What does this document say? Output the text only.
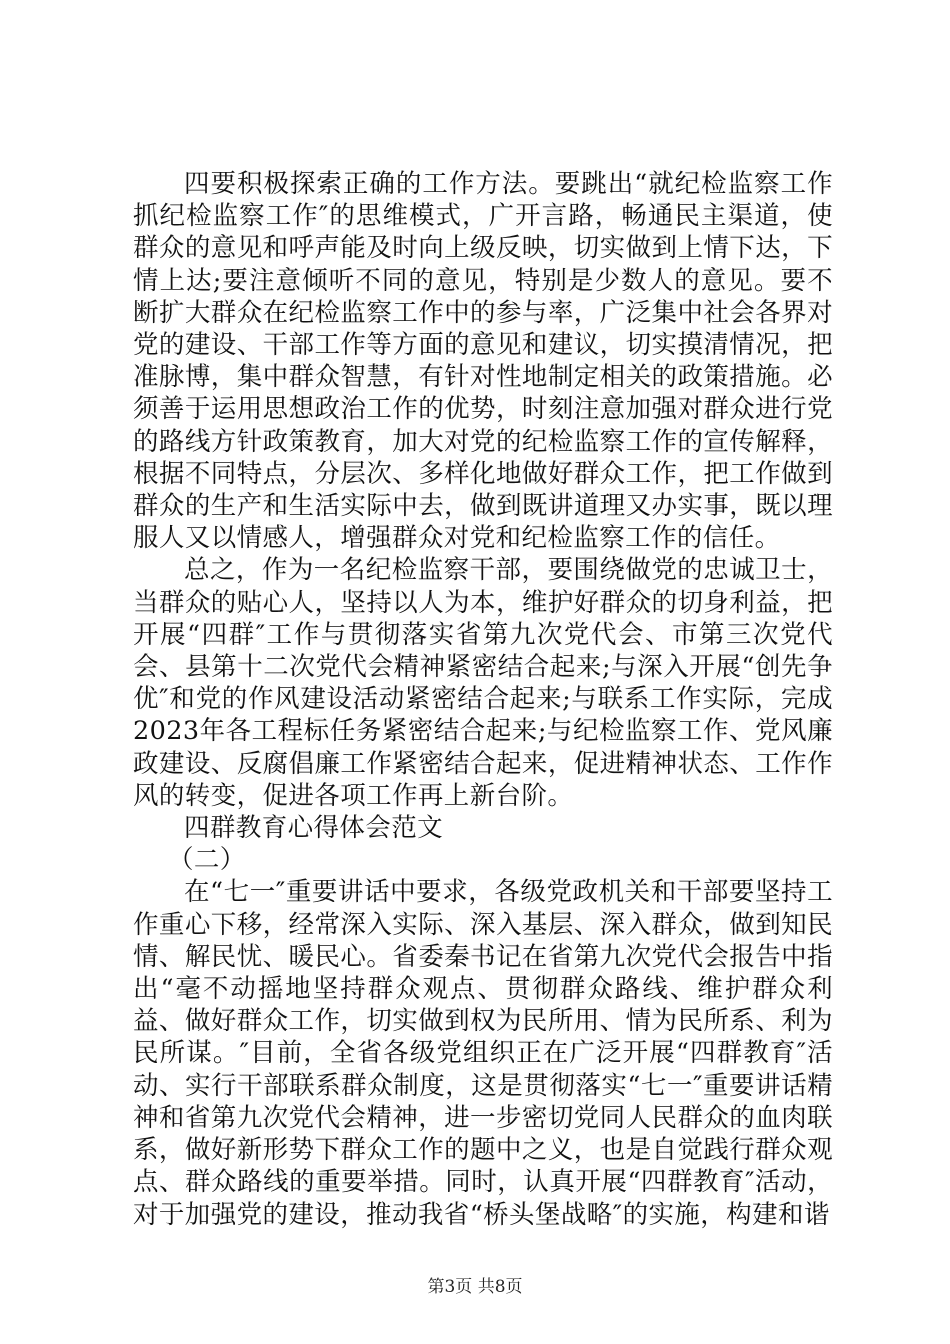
四要积极探索正确的工作方法。要跳出“就纪检监察工作抓纪检监察工作″的思维模式，广开言路，畅通民主渠道，使群众的意见和呼声能及时向上级反映，切实做到上情下达，下情上达;要注意倾听不同的意见，特别是少数人的意见。要不断扩大群众在纪检监察工作中的参与率，广泛集中社会各界对党的建设、干部工作等方面的意见和建议，切实摸清情况，把准脉博，集中群众智慧，有针对性地制定相关的政策措施。必须善于运用思想政治工作的优势，时刻注意加强对群众进行党的路线方针政策教育，加大对党的纪检监察工作的宣传解释，根据不同特点，分层次、多样化地做好群众工作，把工作做到群众的生产和生活实际中去，做到既讲道理又办实事，既以理服人又以情感人，增强群众对党和纪检监察工作的信任。

总之，作为一名纪检监察干部，要围绕做党的忠诚卫士，当群众的贴心人，坚持以人为本，维护好群众的切身利益，把开展“四群″工作与贯彻落实省第九次党代会、市第三次党代会、县第十二次党代会精神紧密结合起来;与深入开展“创先争优″和党的作风建设活动紧密结合起来;与联系工作实际，完成2023年各工程标任务紧密结合起来;与纪检监察工作、党风廉政建设、反腐倡廉工作紧密结合起来，促进精神状态、工作作风的转变，促进各项工作再上新台阶。

四群教育心得体会范文

（二）

在“七一″重要讲话中要求，各级党政机关和干部要坚持工作重心下移，经常深入实际、深入基层、深入群众，做到知民情、解民忧、暖民心。省委秦书记在省第九次党代会报告中指出“毫不动摇地坚持群众观点、贯彻群众路线、维护群众利益、做好群众工作，切实做到权为民所用、情为民所系、利为民所谋。″目前，全省各级党组织正在广泛开展“四群教育″活动、实行干部联系群众制度，这是贯彻落实“七一″重要讲话精神和省第九次党代会精神，进一步密切党同人民群众的血肉联系，做好新形势下群众工作的题中之义，也是自觉践行群众观点、群众路线的重要举措。同时，认真开展“四群教育″活动，对于加强党的建设，推动我省“桥头堡战略″的实施，构建和谐

第3页 共8页
